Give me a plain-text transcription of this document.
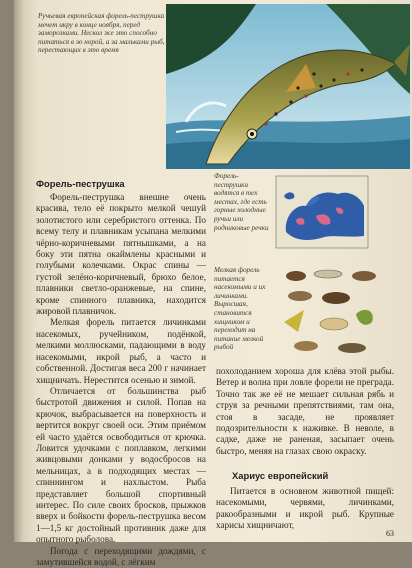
Ручьевая европейская форель-пеструшка мечет икру в конце ноября, перед заморозками. Нескол же это способно питаться в эо норой, а за мальками рыб, перестающих в это время
Форель-пеструшка

Форель-пеструшка внешне очень красива, тело её покрыто мелкой чешуй золотистого или серебристого оттенка. По всему телу и плавникам усыпана мелкими чёрно-коричневыми пятнышками, а на боку эти пятна окаймлены красными и голубыми колечками. Окрас спины — густой зелёно-коричневый, брюхо белое, плавники светло-оранжевые, на спине, кроме спинного плавника, находится жировой плавничок.

Мелкая форель питается личинками насекомых, ручейником, подёнкой, мелкими моллюсками, падающими в воду насекомыми, икрой рыб, а часто и собственной. Достигая веса 200 г начинает хищничать. Нерестится осенью и зимой.

Отличается от большинства рыб быстротой движения и силой. Попав на крючок, выбрасывается на поверхность и вертится вокруг своей оси. Этим приёмом ей часто удаётся освободиться от крючка. Ловится удочками с поплавком, легкими живцовыми донками у водосбросов на мельницах, а в подходящих местах — спиннингом и нахлыстом. Рыба представляет большой спортивный интерес. По силе своих бросков, прыжков вверх и бойкости форель-пеструшка весом 1—1,5 кг достойный противник даже для опытного рыболова.

Погода с переходящими дождями, с замутившейся водой, с лёгким

Форель-пеструшки водятся в тех местах, где есть горные холодные ручьи или родниковые речки
Мелкая форель питается насекомыми и их личинками. Выросшая, становится хищником и переходит на питание мелкой рыбой

похолоданием хороша для клёва этой рыбы. Ветер и волна при ловле форели не преграда. Точно так же её не мешает сильная рябь и струя за речными препятствиями, там она, стоя в засаде, не проявляет подозрительности к наживке. В неволе, в садке, даже не раненая, засыпает очень быстро, меняя на глазах свою окраску.

Хариус европейский

Питается в основном животной пищей: насекомыми, червями, личинками, ракообразными и икрой рыб. Крупные харисы хищничают,

63
